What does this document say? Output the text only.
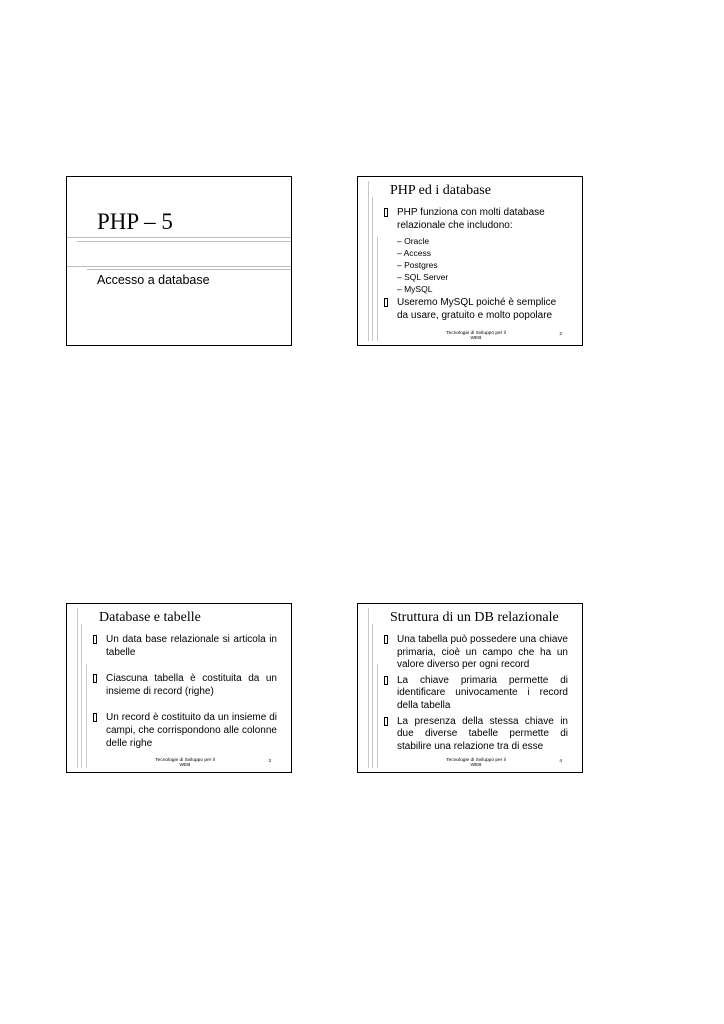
PHP – 5
Accesso a database
PHP ed i database
PHP funziona con molti database relazionale che includono:
– Oracle
– Access
– Postgres
– SQL Server
– MySQL
Useremo MySQL poiché è semplice da usare, gratuito e molto popolare
Tecnologie di Sviluppo per il
WEB
2
Database e tabelle
Un data base relazionale si articola in tabelle
Ciascuna tabella è costituita da un insieme di record (righe)
Un record è costituito da un insieme di campi, che corrispondono alle colonne delle righe
Tecnologie di Sviluppo per il
WEB
3
Struttura di un DB relazionale
Una tabella può possedere una chiave primaria, cioè un campo che ha un valore diverso per ogni record
La chiave primaria permette di identificare univocamente i record della tabella
La presenza della stessa chiave in due diverse tabelle permette di stabilire una relazione tra di esse
Tecnologie di Sviluppo per il
WEB
4
